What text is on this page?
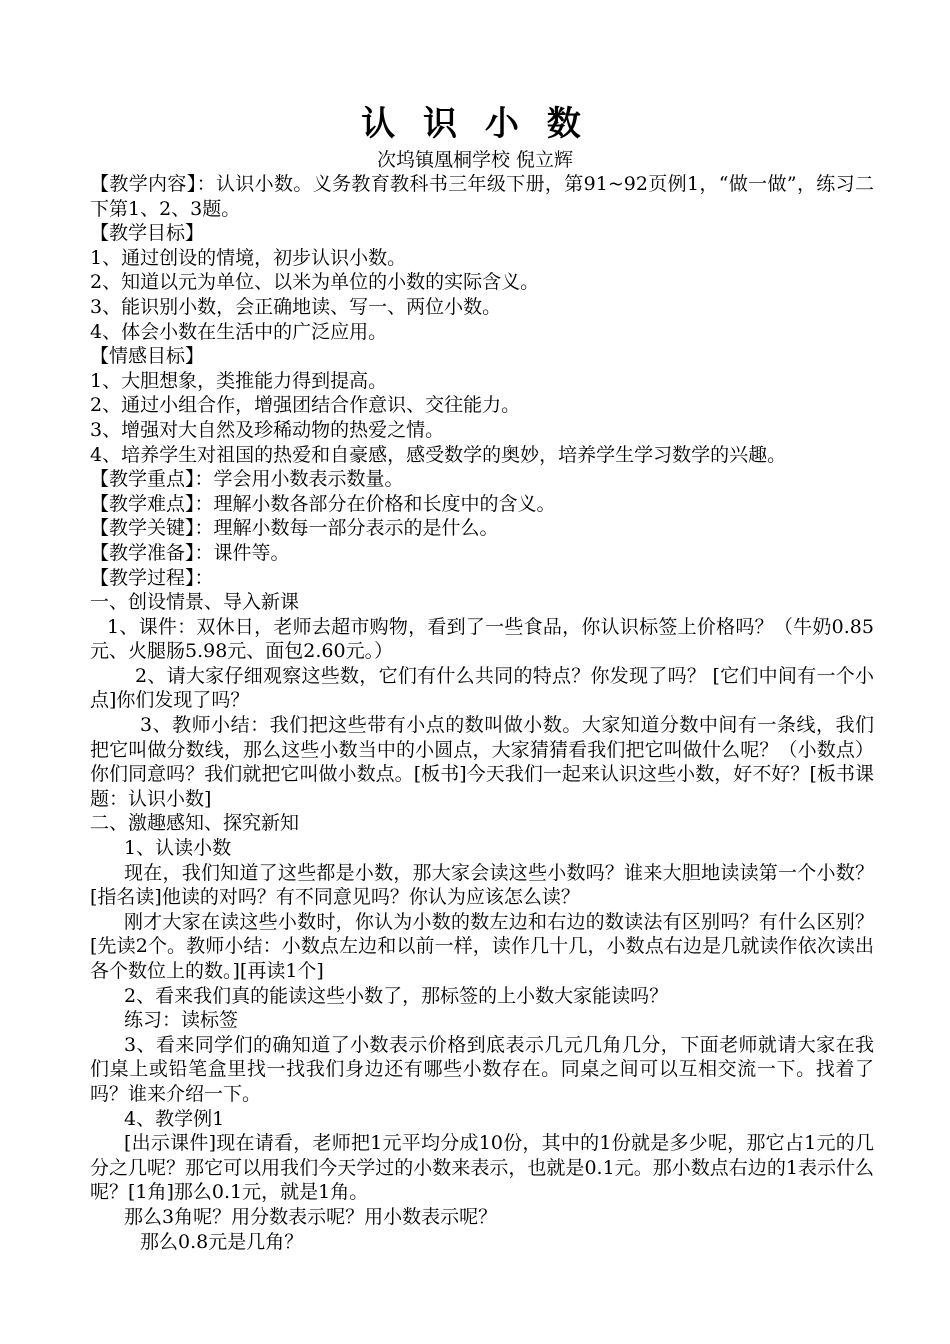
认 识 小 数
次坞镇凰桐学校 倪立辉

【教学内容】：认识小数。义务教育教科书三年级下册，第91~92页例1，“做一做”，练习二下第1、2、3题。

【教学目标】

1、通过创设的情境，初步认识小数。

2、知道以元为单位、以米为单位的小数的实际含义。

3、能识别小数，会正确地读、写一、两位小数。

4、体会小数在生活中的广泛应用。

【情感目标】

1、大胆想象，类推能力得到提高。

2、通过小组合作，增强团结合作意识、交往能力。

3、增强对大自然及珍稀动物的热爱之情。

4、培养学生对祖国的热爱和自豪感，感受数学的奥妙，培养学生学习数学的兴趣。

【教学重点】：学会用小数表示数量。

【教学难点】：理解小数各部分在价格和长度中的含义。

【教学关键】：理解小数每一部分表示的是什么。

【教学准备】：课件等。

【教学过程】：

一、创设情景、导入新课

1、课件：双休日，老师去超市购物，看到了一些食品，你认识标签上价格吗？（牛奶0.85元、火腿肠5.98元、面包2.60元。）

2、请大家仔细观察这些数，它们有什么共同的特点？你发现了吗？ [它们中间有一个小点]你们发现了吗？

3、教师小结：我们把这些带有小点的数叫做小数。大家知道分数中间有一条线，我们把它叫做分数线，那么这些小数当中的小圆点，大家猜猜看我们把它叫做什么呢？（小数点）你们同意吗？我们就把它叫做小数点。[板书]今天我们一起来认识这些小数，好不好？[板书课题：认识小数]

二、激趣感知、探究新知

1、认读小数

现在，我们知道了这些都是小数，那大家会读这些小数吗？谁来大胆地读读第一个小数？[指名读]他读的对吗？有不同意见吗？你认为应该怎么读？

刚才大家在读这些小数时，你认为小数的数左边和右边的数读法有区别吗？有什么区别？[先读2个。教师小结：小数点左边和以前一样，读作几十几，小数点右边是几就读作依次读出各个数位上的数。][再读1个]

2、看来我们真的能读这些小数了，那标签的上小数大家能读吗？

练习：读标签

3、看来同学们的确知道了小数表示价格到底表示几元几角几分，下面老师就请大家在我们桌上或铅笔盒里找一找我们身边还有哪些小数存在。同桌之间可以互相交流一下。找着了吗？谁来介绍一下。

4、教学例1

[出示课件]现在请看，老师把1元平均分成10份，其中的1份就是多少呢，那它占1元的几分之几呢？那它可以用我们今天学过的小数来表示，也就是0.1元。那小数点右边的1表示什么呢？[1角]那么0.1元，就是1角。

那么3角呢？用分数表示呢？用小数表示呢？

那么0.8元是几角？
